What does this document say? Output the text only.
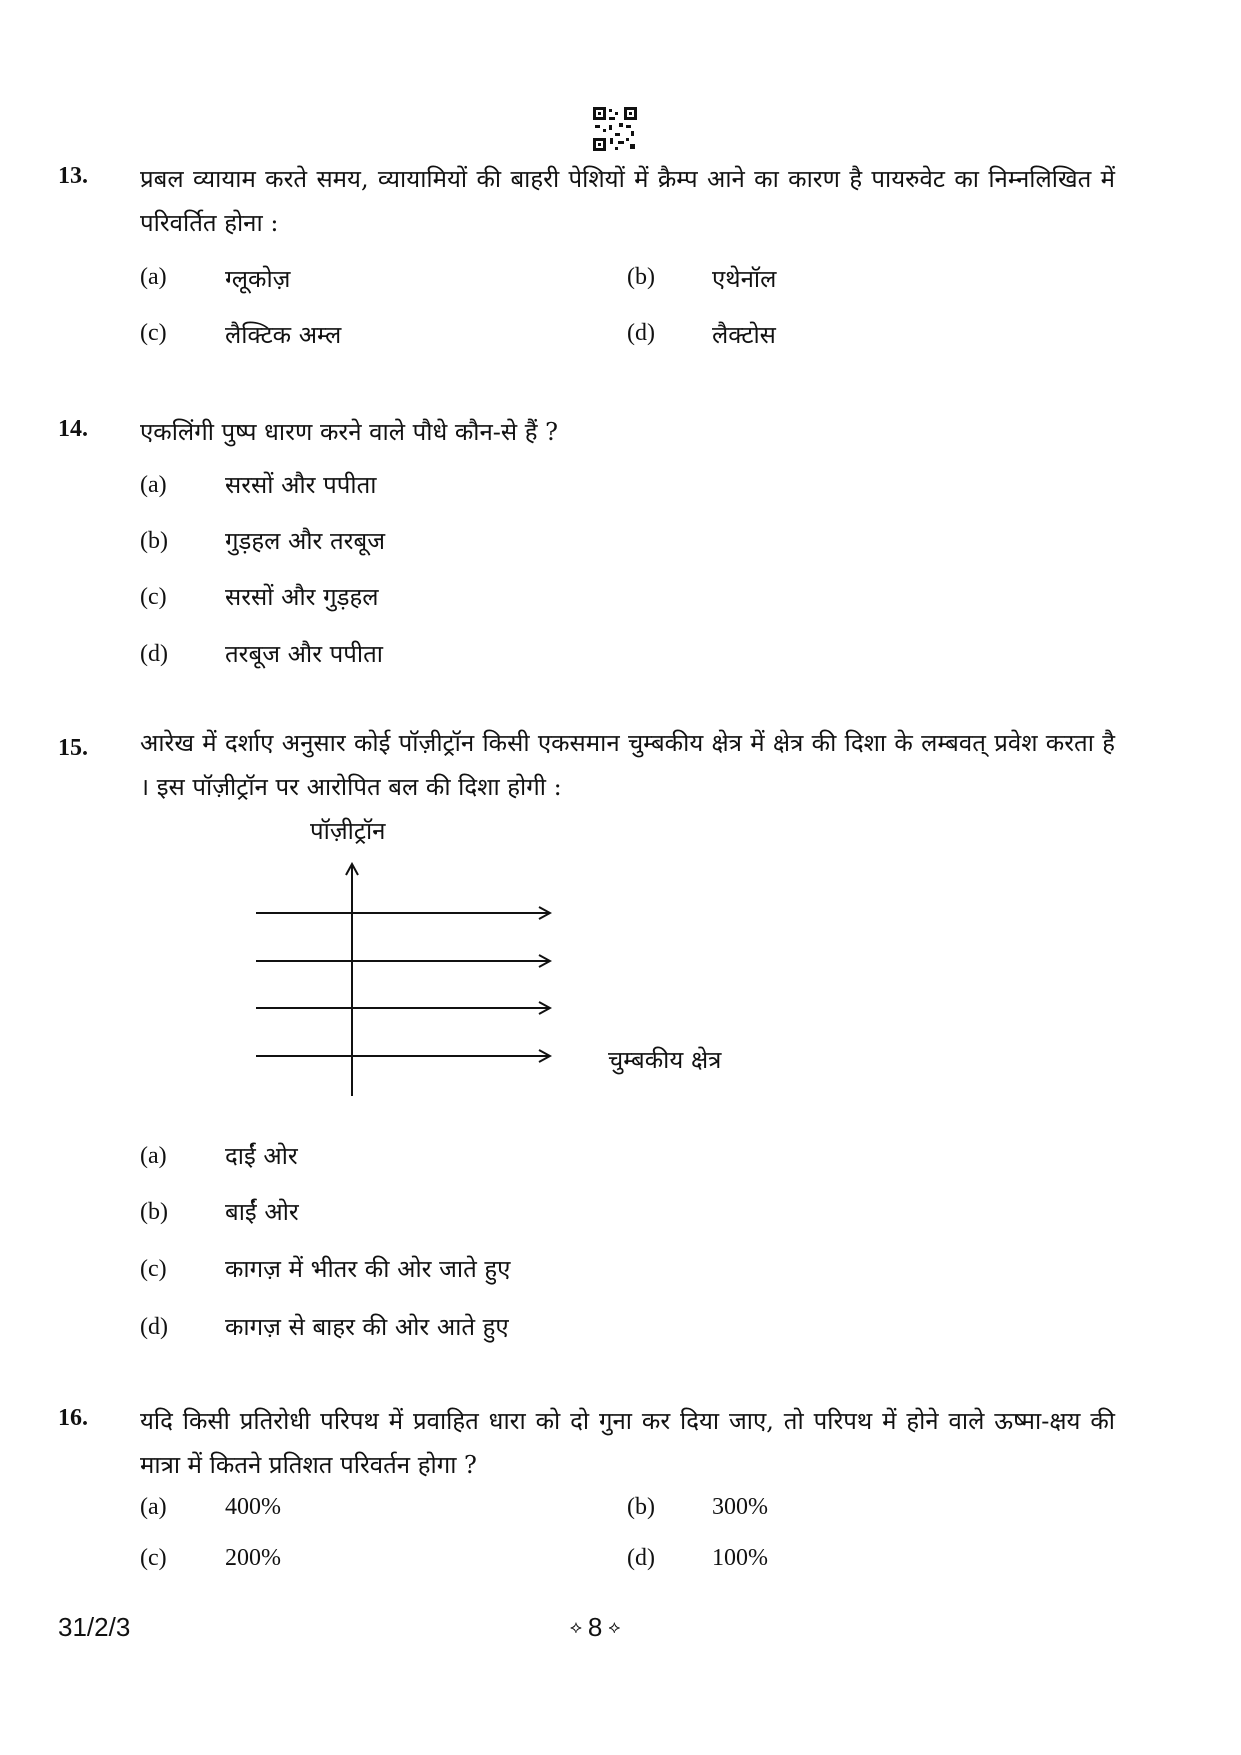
13. प्रबल व्यायाम करते समय, व्यायामियों की बाहरी पेशियों में क्रैम्प आने का कारण है पायरुवेट का निम्नलिखित में परिवर्तित होना :
(a) ग्लूकोज़	(b) एथेनॉल
(c) लैक्टिक अम्ल	(d) लैक्टोस
14. एकलिंगी पुष्प धारण करने वाले पौधे कौन-से हैं ?
(a) सरसों और पपीता
(b) गुड़हल और तरबूज
(c) सरसों और गुड़हल
(d) तरबूज और पपीता
15. आरेख में दर्शाए अनुसार कोई पॉज़ीट्रॉन किसी एकसमान चुम्बकीय क्षेत्र में क्षेत्र की दिशा के लम्बवत् प्रवेश करता है । इस पॉज़ीट्रॉन पर आरोपित बल की दिशा होगी :
पॉज़ीट्रॉन
चुम्बकीय क्षेत्र
(a) दाईं ओर
(b) बाईं ओर
(c) कागज़ में भीतर की ओर जाते हुए
(d) कागज़ से बाहर की ओर आते हुए
16. यदि किसी प्रतिरोधी परिपथ में प्रवाहित धारा को दो गुना कर दिया जाए, तो परिपथ में होने वाले ऊष्मा-क्षय की मात्रा में कितने प्रतिशत परिवर्तन होगा ?
(a) 400%	(b) 300%
(c) 200%	(d) 100%
31/2/3	⟡ 8 ⟡
